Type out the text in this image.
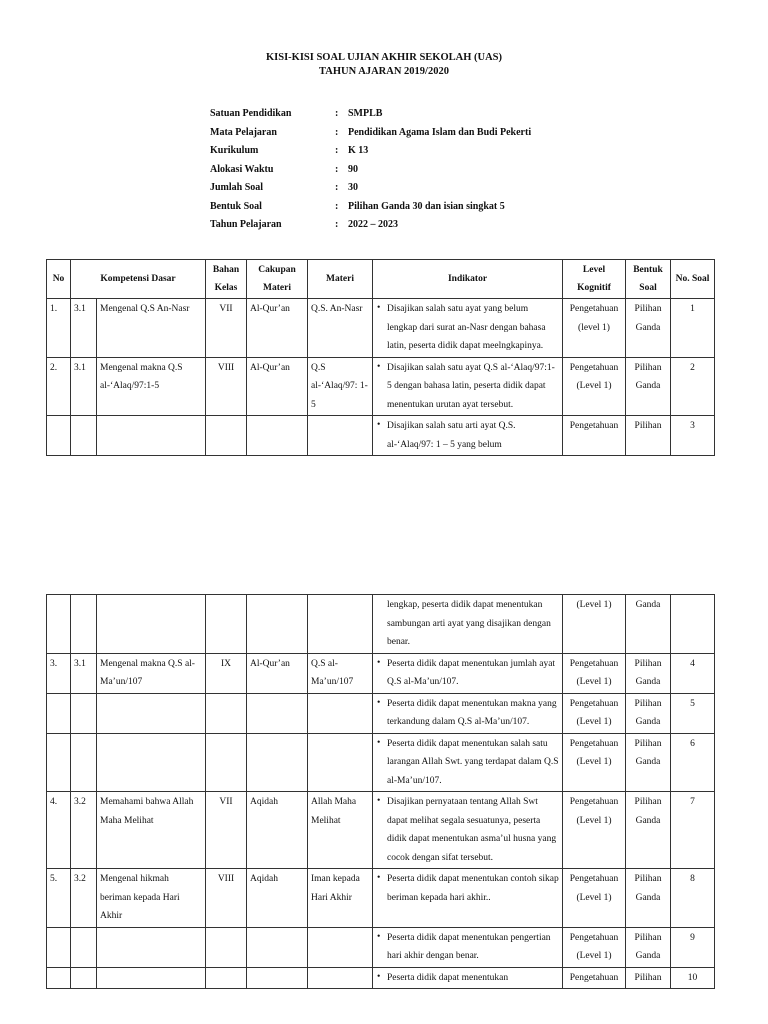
KISI-KISI SOAL UJIAN AKHIR SEKOLAH (UAS)
TAHUN AJARAN 2019/2020
Satuan Pendidikan	: SMPLB
Mata Pelajaran	: Pendidikan Agama Islam dan Budi Pekerti
Kurikulum	: K 13
Alokasi Waktu	: 90
Jumlah Soal	: 30
Bentuk Soal	: Pilihan Ganda 30 dan isian singkat 5
Tahun Pelajaran	: 2022 – 2023
No	Kompetensi Dasar		Bahan Kelas	Cakupan Materi	Materi	Indikator	Level Kognitif	Bentuk Soal	No. Soal
1.	3.1	Mengenal Q.S An-Nasr	VII	Al-Qur’an	Q.S. An-Nasr	• Disajikan salah satu ayat yang belum lengkap dari surat an-Nasr dengan bahasa latin, peserta didik dapat meelngkapinya.	Pengetahuan (level 1)	Pilihan Ganda	1
2.	3.1	Mengenal makna Q.S al-‘Alaq/97:1-5	VIII	Al-Qur’an	Q.S al-‘Alaq/97: 1-5	• Disajikan salah satu ayat Q.S al-‘Alaq/97:1-5 dengan bahasa latin, peserta didik dapat menentukan urutan ayat tersebut.	Pengetahuan (Level 1)	Pilihan Ganda	2

						• Disajikan salah satu arti ayat Q.S. al-‘Alaq/97: 1 – 5 yang belum	Pengetahuan	Pilihan	3
						lengkap, peserta didik dapat menentukan sambungan arti ayat yang disajikan dengan benar.	(Level 1)	Ganda	
3.	3.1	Mengenal makna Q.S al-Ma’un/107	IX	Al-Qur’an	Q.S al-Ma’un/107	• Peserta didik dapat menentukan jumlah ayat Q.S al-Ma’un/107.	Pengetahuan (Level 1)	Pilihan Ganda	4

						• Peserta didik dapat menentukan makna yang terkandung dalam Q.S al-Ma’un/107.	Pengetahuan (Level 1)	Pilihan Ganda	5

						• Peserta didik dapat menentukan salah satu larangan Allah Swt. yang terdapat dalam Q.S al-Ma’un/107.	Pengetahuan (Level 1)	Pilihan Ganda	6
4.	3.2	Memahami bahwa Allah Maha Melihat	VII	Aqidah	Allah Maha Melihat	• Disajikan pernyataan tentang Allah Swt dapat melihat segala sesuatunya, peserta didik dapat menentukan asma’ul husna yang cocok dengan sifat tersebut.	Pengetahuan (Level 1)	Pilihan Ganda	7
5.	3.2	Mengenal hikmah beriman kepada Hari Akhir	VIII	Aqidah	Iman kepada Hari Akhir	• Peserta didik dapat menentukan contoh sikap beriman kepada hari akhir..	Pengetahuan (Level 1)	Pilihan Ganda	8

						• Peserta didik dapat menentukan pengertian hari akhir dengan benar.	Pengetahuan (Level 1)	Pilihan Ganda	9

						• Peserta didik dapat menentukan	Pengetahuan	Pilihan	10
